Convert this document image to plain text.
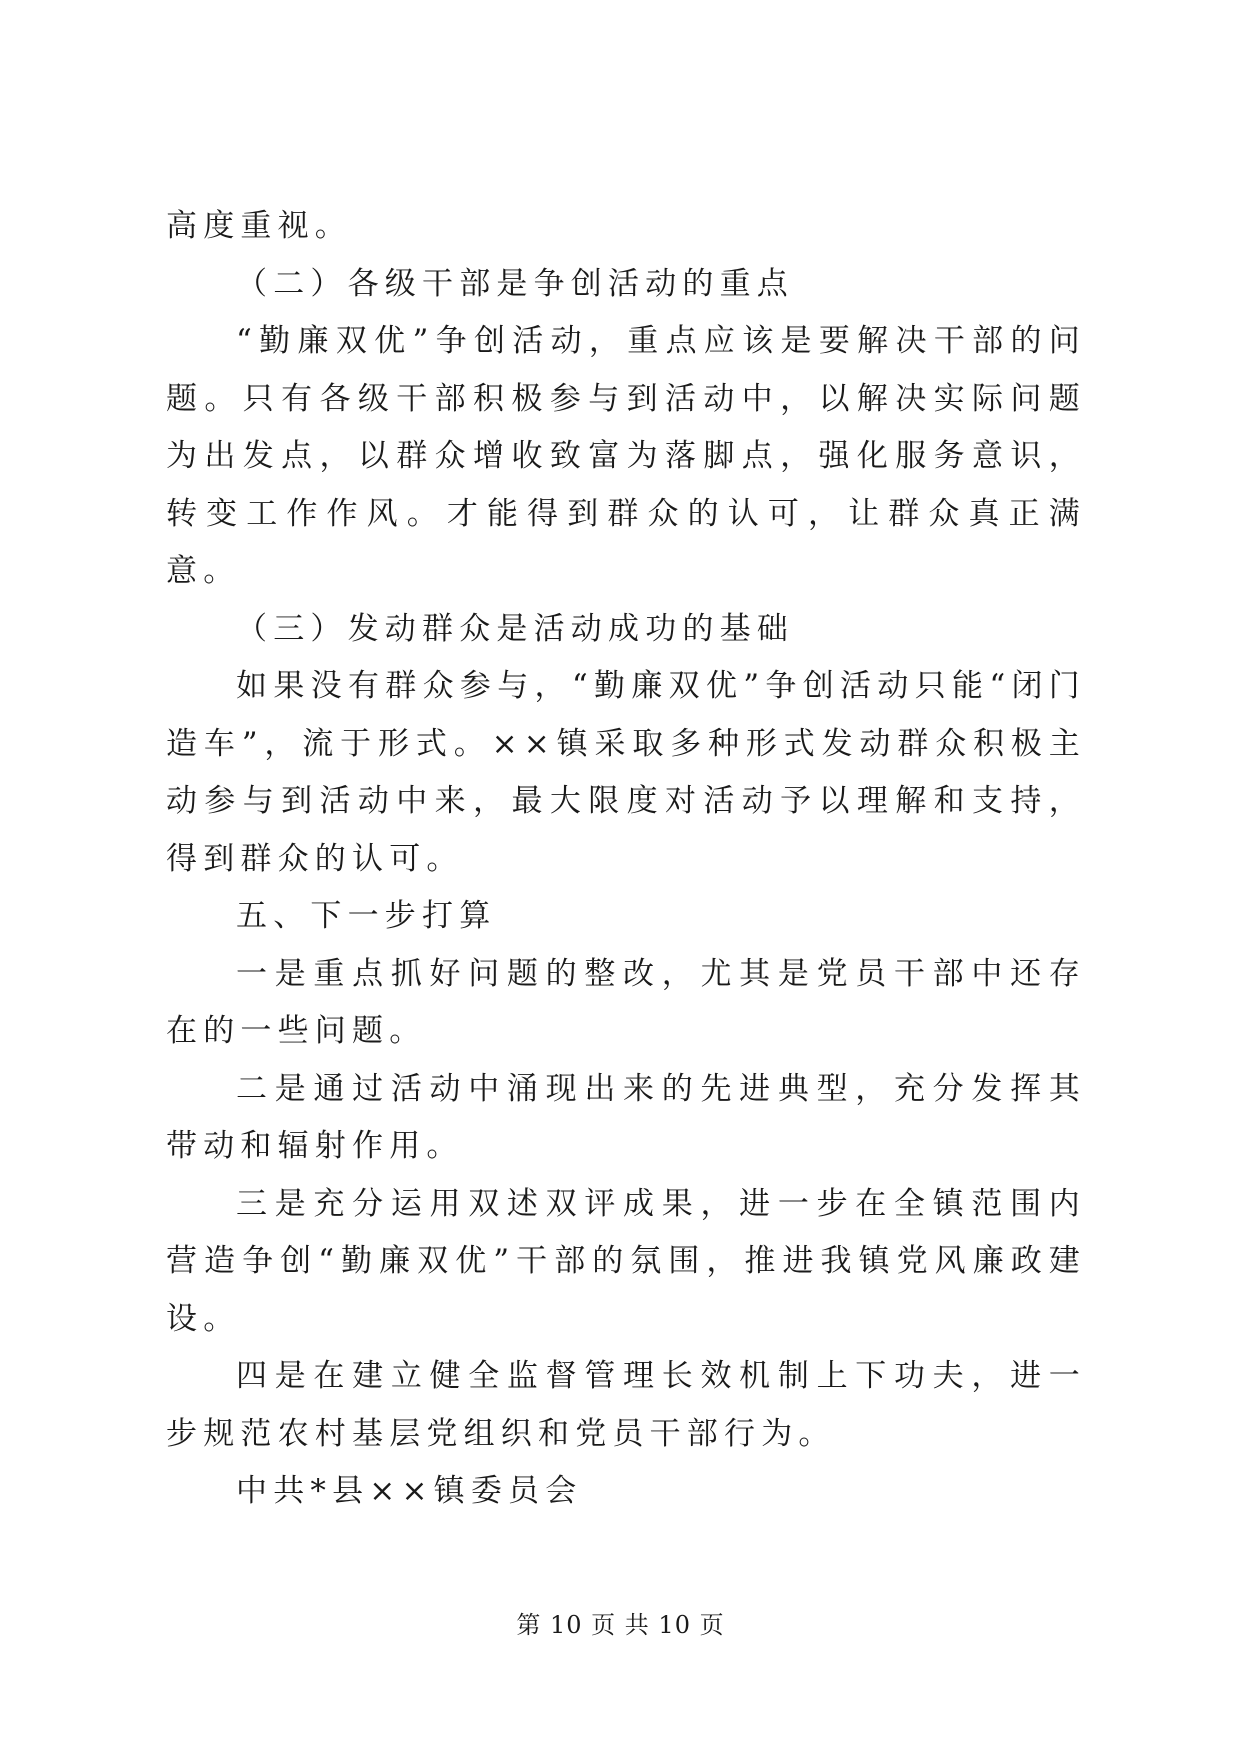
高度重视。

（二）各级干部是争创活动的重点

“勤廉双优”争创活动，重点应该是要解决干部的问题。只有各级干部积极参与到活动中，以解决实际问题为出发点，以群众增收致富为落脚点，强化服务意识，转变工作作风。才能得到群众的认可，让群众真正满意。

（三）发动群众是活动成功的基础

如果没有群众参与，“勤廉双优”争创活动只能“闭门造车”，流于形式。××镇采取多种形式发动群众积极主动参与到活动中来，最大限度对活动予以理解和支持，得到群众的认可。

五、下一步打算

一是重点抓好问题的整改，尤其是党员干部中还存在的一些问题。

二是通过活动中涌现出来的先进典型，充分发挥其带动和辐射作用。

三是充分运用双述双评成果，进一步在全镇范围内营造争创“勤廉双优”干部的氛围，推进我镇党风廉政建设。

四是在建立健全监督管理长效机制上下功夫，进一步规范农村基层党组织和党员干部行为。

中共*县××镇委员会

第 10 页 共 10 页
